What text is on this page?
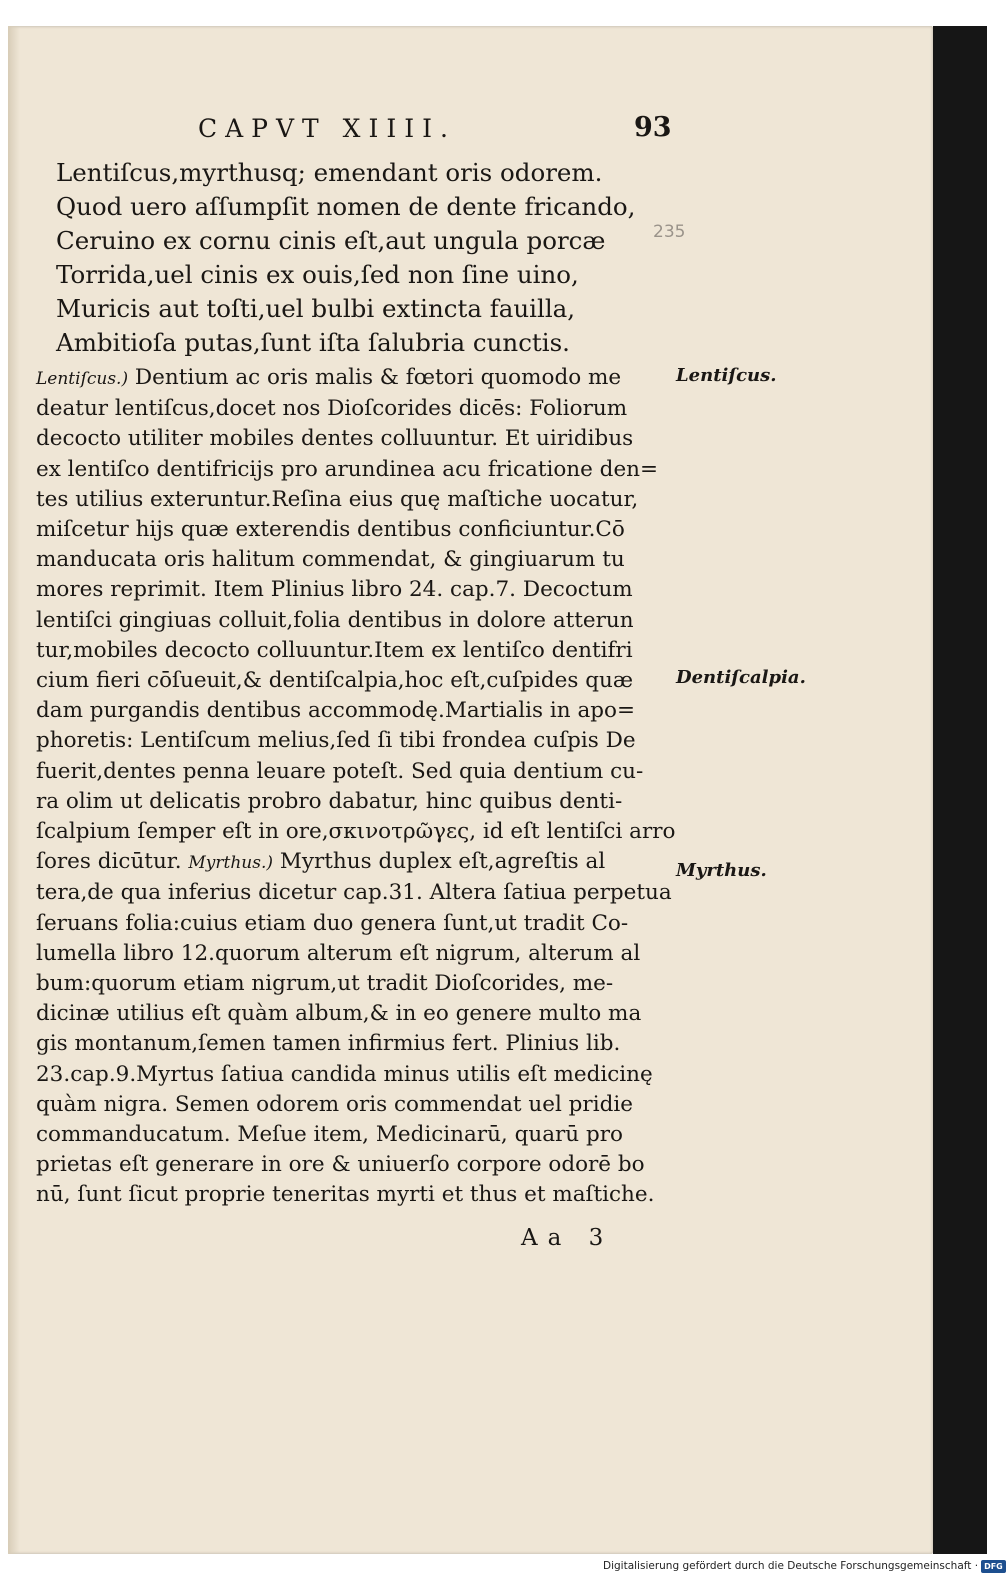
CAPVT XIIII.	93
235
Lentiſcus,myrthusq; emendant oris odorem.
Quod uero aſſumpſit nomen de dente fricando,
Ceruino ex cornu cinis eſt,aut ungula porcæ
Torrida,uel cinis ex ouis,ſed non ſine uino,
Muricis aut toſti,uel bulbi extincta fauilla,
Ambitioſa putas,ſunt iſta ſalubria cunctis.
Lentiſcus.) Dentium ac oris malis & fœtori quomodo me
deatur lentiſcus,docet nos Dioſcorides dicēs: Foliorum
decocto utiliter mobiles dentes colluuntur. Et uiridibus
ex lentiſco dentifricijs pro arundinea acu fricatione den=
tes utilius exteruntur.Reſina eius quę maſtiche uocatur,
miſcetur hijs quæ exterendis dentibus conficiuntur.Cō
manducata oris halitum commendat, & gingiuarum tu
mores reprimit. Item Plinius libro 24. cap.7. Decoctum
lentiſci gingiuas colluit,folia dentibus in dolore atterun
tur,mobiles decocto colluuntur.Item ex lentiſco dentifri
cium fieri cōſueuit,& dentiſcalpia,hoc eſt,cuſpides quæ
dam purgandis dentibus accommodę.Martialis in apo=
phoretis: Lentiſcum melius,ſed ſi tibi frondea cuſpis De
fuerit,dentes penna leuare poteſt. Sed quia dentium cu-
ra olim ut delicatis probro dabatur, hinc quibus denti-
ſcalpium ſemper eſt in ore,σκινοτρῶγες, id eſt lentiſci arro
ſores dicūtur. Myrthus.) Myrthus duplex eſt,agreſtis al
tera,de qua inferius dicetur cap.31. Altera ſatiua perpetua
ſeruans folia:cuius etiam duo genera ſunt,ut tradit Co-
lumella libro 12.quorum alterum eſt nigrum, alterum al
bum:quorum etiam nigrum,ut tradit Dioſcorides, me-
dicinæ utilius eſt quàm album,& in eo genere multo ma
gis montanum,ſemen tamen infirmius fert. Plinius lib.
23.cap.9.Myrtus ſatiua candida minus utilis eſt medicinę
quàm nigra. Semen odorem oris commendat uel pridie
commanducatum. Meſue item, Medicinarū, quarū pro
prietas eſt generare in ore & uniuerſo corpore odorē bo
nū, ſunt ſicut proprie teneritas myrti et thus et maſtiche.
Lentiſcus.
Dentiſcalpia.
Myrthus.
Aa 3
Digitalisierung gefördert durch die Deutsche Forschungsgemeinschaft · DFG
